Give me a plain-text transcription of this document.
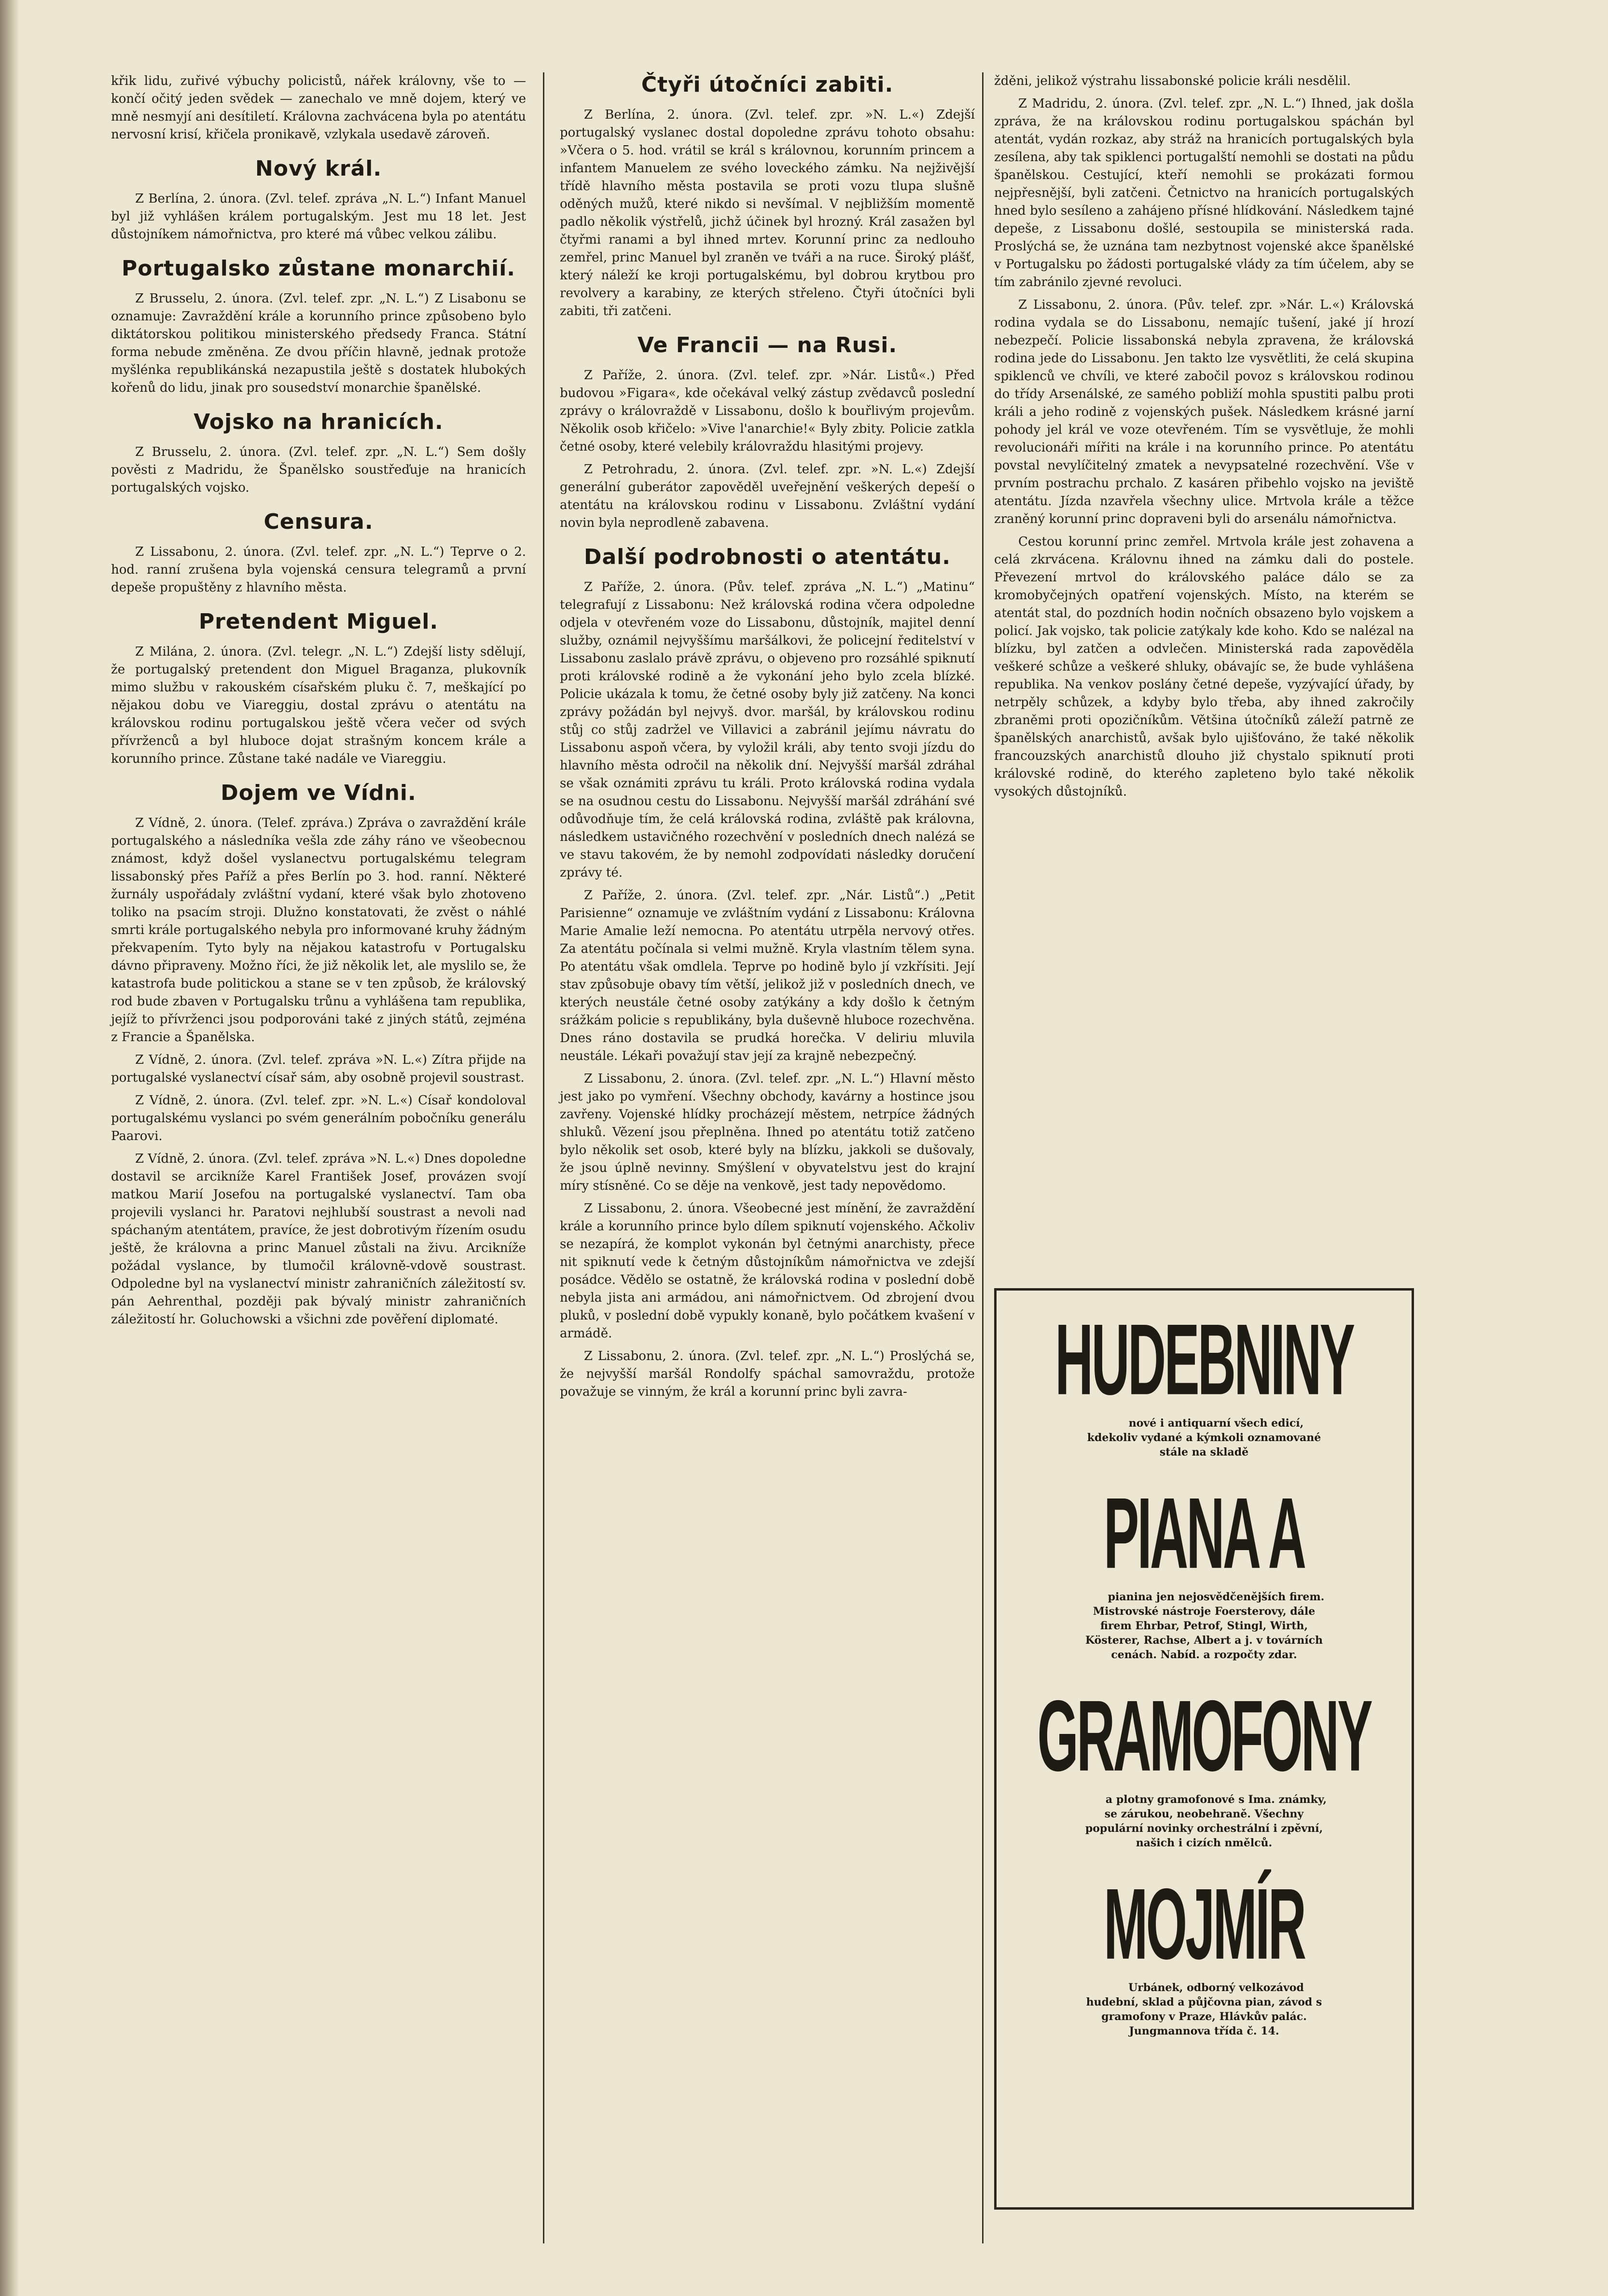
křik lidu, zuřivé výbuchy policistů, nářek královny, vše to — končí očitý jeden svědek — zanechalo ve mně dojem, který ve mně nesmyjí ani desítiletí. Královna zachvácena byla po atentátu nervosní krisí, křičela pronikavě, vzlykala usedavě zároveň.

Nový král.

Z Berlína, 2. února. (Zvl. telef. zpráva „N. L.“) Infant Manuel byl již vyhlášen králem portugalským. Jest mu 18 let. Jest důstojníkem námořnictva, pro které má vůbec velkou zálibu.

Portugalsko zůstane monarchií.

Z Brusselu, 2. února. (Zvl. telef. zpr. „N. L.“) Z Lisabonu se oznamuje: Zavraždění krále a korunního prince způsobeno bylo diktátorskou politikou ministerského předsedy Franca. Státní forma nebude změněna. Ze dvou příčin hlavně, jednak protože myšlénka republikánská nezapustila ještě s dostatek hlubokých kořenů do lidu, jinak pro sousedství monarchie španělské.

Vojsko na hranicích.

Z Brusselu, 2. února. (Zvl. telef. zpr. „N. L.“) Sem došly pověsti z Madridu, že Španělsko soustřeďuje na hranicích portugalských vojsko.

Censura.

Z Lissabonu, 2. února. (Zvl. telef. zpr. „N. L.“) Teprve o 2. hod. ranní zrušena byla vojenská censura telegramů a první depeše propuštěny z hlavního města.

Pretendent Miguel.

Z Milána, 2. února. (Zvl. telegr. „N. L.“) Zdejší listy sdělují, že portugalský pretendent don Miguel Braganza, plukovník mimo službu v rakouském císařském pluku č. 7, meškající po nějakou dobu ve Viareggiu, dostal zprávu o atentátu na královskou rodinu portugalskou ještě včera večer od svých přívrženců a byl hluboce dojat strašným koncem krále a korunního prince. Zůstane také nadále ve Viareggiu.

Dojem ve Vídni.

Z Vídně, 2. února. (Telef. zpráva.) Zpráva o zavraždění krále portugalského a následníka vešla zde záhy ráno ve všeobecnou známost, když došel vyslanectvu portugalskému telegram lissabonský přes Paříž a přes Berlín po 3. hod. ranní. Některé žurnály uspořádaly zvláštní vydaní, které však bylo zhotoveno toliko na psacím stroji. Dlužno konstatovati, že zvěst o náhlé smrti krále portugalského nebyla pro informované kruhy žádným překvapením. Tyto byly na nějakou katastrofu v Portugalsku dávno připraveny. Možno říci, že již několik let, ale myslilo se, že katastrofa bude politickou a stane se v ten způsob, že královský rod bude zbaven v Portugalsku trůnu a vyhlášena tam republika, jejíž to přívrženci jsou podporováni také z jiných států, zejména z Francie a Španělska.

Z Vídně, 2. února. (Zvl. telef. zpráva »N. L.«) Zítra přijde na portugalské vyslanectví císař sám, aby osobně projevil soustrast.

Z Vídně, 2. února. (Zvl. telef. zpr. »N. L.«) Císař kondoloval portugalskému vyslanci po svém generálním pobočníku generálu Paarovi.

Z Vídně, 2. února. (Zvl. telef. zpráva »N. L.«) Dnes dopoledne dostavil se arcikníže Karel František Josef, provázen svojí matkou Marií Josefou na portugalské vyslanectví. Tam oba projevili vyslanci hr. Paratovi nejhlubší soustrast a nevoli nad spáchaným atentátem, pravíce, že jest dobrotivým řízením osudu ještě, že královna a princ Manuel zůstali na živu. Arcikníže požádal vyslance, by tlumočil královně-vdově soustrast. Odpoledne byl na vyslanectví ministr zahraničních záležitostí sv. pán Aehrenthal, později pak bývalý ministr zahraničních záležitostí hr. Goluchowski a všichni zde pověření diplomaté.

Čtyři útočníci zabiti.

Z Berlína, 2. února. (Zvl. telef. zpr. »N. L.«) Zdejší portugalský vyslanec dostal dopoledne zprávu tohoto obsahu: »Včera o 5. hod. vrátil se král s královnou, korunním princem a infantem Manuelem ze svého loveckého zámku. Na nejživější třídě hlavního města postavila se proti vozu tlupa slušně oděných mužů, které nikdo si nevšímal. V nejbližším momentě padlo několik výstřelů, jichž účinek byl hrozný. Král zasažen byl čtyřmi ranami a byl ihned mrtev. Korunní princ za nedlouho zemřel, princ Manuel byl zraněn ve tváři a na ruce. Široký plášť, který náleží ke kroji portugalskému, byl dobrou krytbou pro revolvery a karabiny, ze kterých střeleno. Čtyři útočníci byli zabiti, tři zatčeni.

Ve Francii — na Rusi.

Z Paříže, 2. února. (Zvl. telef. zpr. »Nár. Listů«.) Před budovou »Figara«, kde očekával velký zástup zvědavců poslední zprávy o královraždě v Lissabonu, došlo k bouřlivým projevům. Několik osob křičelo: »Vive l'anarchie!« Byly zbity. Policie zatkla četné osoby, které velebily královraždu hlasitými projevy.

Z Petrohradu, 2. února. (Zvl. telef. zpr. »N. L.«) Zdejší generální guberátor zapověděl uveřejnění veškerých depeší o atentátu na královskou rodinu v Lissabonu. Zvláštní vydání novin byla neprodleně zabavena.

Další podrobnosti o atentátu.

Z Paříže, 2. února. (Pův. telef. zpráva „N. L.“) „Matinu“ telegrafují z Lissabonu: Než královská rodina včera odpoledne odjela v otevřeném voze do Lissabonu, důstojník, majitel denní služby, oznámil nejvyššímu maršálkovi, že policejní ředitelství v Lissabonu zaslalo právě zprávu, o objeveno pro rozsáhlé spiknutí proti královské rodině a že vykonání jeho bylo zcela blízké. Policie ukázala k tomu, že četné osoby byly již zatčeny. Na konci zprávy požádán byl nejvyš. dvor. maršál, by královskou rodinu stůj co stůj zadržel ve Villavici a zabránil jejímu návratu do Lissabonu aspoň včera, by vyložil králi, aby tento svoji jízdu do hlavního města odročil na několik dní. Nejvyšší maršál zdráhal se však oznámiti zprávu tu králi. Proto královská rodina vydala se na osudnou cestu do Lissabonu. Nejvyšší maršál zdráhání své odůvodňuje tím, že celá královská rodina, zvláště pak královna, následkem ustavičného rozechvění v posledních dnech nalézá se ve stavu takovém, že by nemohl zodpovídati následky doručení zprávy té.

Z Paříže, 2. února. (Zvl. telef. zpr. „Nár. Listů“.) „Petit Parisienne“ oznamuje ve zvláštním vydání z Lissabonu: Královna Marie Amalie leží nemocna. Po atentátu utrpěla nervový otřes. Za atentátu počínala si velmi mužně. Kryla vlastním tělem syna. Po atentátu však omdlela. Teprve po hodině bylo jí vzkřísiti. Její stav způsobuje obavy tím větší, jelikož již v posledních dnech, ve kterých neustále četné osoby zatýkány a kdy došlo k četným srážkám policie s republikány, byla duševně hluboce rozechvěna. Dnes ráno dostavila se prudká horečka. V deliriu mluvila neustále. Lékaři považují stav její za krajně nebezpečný.

Z Lissabonu, 2. února. (Zvl. telef. zpr. „N. L.“) Hlavní město jest jako po vymření. Všechny obchody, kavárny a hostince jsou zavřeny. Vojenské hlídky procházejí městem, netrpíce žádných shluků. Vězení jsou přeplněna. Ihned po atentátu totiž zatčeno bylo několik set osob, které byly na blízku, jakkoli se dušovaly, že jsou úplně nevinny. Smýšlení v obyvatelstvu jest do krajní míry stísněné. Co se děje na venkově, jest tady nepovědomo.

Z Lissabonu, 2. února. Všeobecné jest mínění, že zavraždění krále a korunního prince bylo dílem spiknutí vojenského. Ačkoliv se nezapírá, že komplot vykonán byl četnými anarchisty, přece nit spiknutí vede k četným důstojníkům námořnictva ve zdejší posádce. Vědělo se ostatně, že královská rodina v poslední době nebyla jista ani armádou, ani námořnictvem. Od zbrojení dvou pluků, v poslední době vypukly konaně, bylo počátkem kvašení v armádě.

Z Lissabonu, 2. února. (Zvl. telef. zpr. „N. L.“) Proslýchá se, že nejvyšší maršál Rondolfy spáchal samovraždu, protože považuje se vinným, že král a korunní princ byli zavra-

žděni, jelikož výstrahu lissabonské policie králi nesdělil.

Z Madridu, 2. února. (Zvl. telef. zpr. „N. L.“) Ihned, jak došla zpráva, že na královskou rodinu portugalskou spáchán byl atentát, vydán rozkaz, aby stráž na hranicích portugalských byla zesílena, aby tak spiklenci portugalští nemohli se dostati na půdu španělskou. Cestující, kteří nemohli se prokázati formou nejpřesnější, byli zatčeni. Četnictvo na hranicích portugalských hned bylo sesíleno a zahájeno přísné hlídkování. Následkem tajné depeše, z Lissabonu došlé, sestoupila se ministerská rada. Proslýchá se, že uznána tam nezbytnost vojenské akce španělské v Portugalsku po žádosti portugalské vlády za tím účelem, aby se tím zabránilo zjevné revoluci.

Z Lissabonu, 2. února. (Pův. telef. zpr. »Nár. L.«) Královská rodina vydala se do Lissabonu, nemajíc tušení, jaké jí hrozí nebezpečí. Policie lissabonská nebyla zpravena, že královská rodina jede do Lissabonu. Jen takto lze vysvětliti, že celá skupina spiklenců ve chvíli, ve které zabočil povoz s královskou rodinou do třídy Arsenálské, ze samého pobliží mohla spustiti palbu proti králi a jeho rodině z vojenských pušek. Následkem krásné jarní pohody jel král ve voze otevřeném. Tím se vysvětluje, že mohli revolucionáři mířiti na krále i na korunního prince. Po atentátu povstal nevylíčitelný zmatek a nevypsatelné rozechvění. Vše v prvním postrachu prchalo. Z kasáren přibehlo vojsko na jeviště atentátu. Jízda nzavřela všechny ulice. Mrtvola krále a těžce zraněný korunní princ dopraveni byli do arsenálu námořnictva.

Cestou korunní princ zemřel. Mrtvola krále jest zohavena a celá zkrvácena. Královnu ihned na zámku dali do postele. Převezení mrtvol do královského paláce dálo se za kromobyčejných opatření vojenských. Místo, na kterém se atentát stal, do pozdních hodin nočních obsazeno bylo vojskem a policí. Jak vojsko, tak policie zatýkaly kde koho. Kdo se nalézal na blízku, byl zatčen a odvlečen. Ministerská rada zapověděla veškeré schůze a veškeré shluky, obávajíc se, že bude vyhlášena republika. Na venkov poslány četné depeše, vyzývající úřady, by netrpěly schůzek, a kdyby bylo třeba, aby ihned zakročily zbraněmi proti opozičníkům. Většina útočníků záleží patrně ze španělských anarchistů, avšak bylo ujišťováno, že také několik francouzských anarchistů dlouho již chystalo spiknutí proti královské rodině, do kterého zapleteno bylo také několik vysokých důstojníků.

HUDEBNINY

nové i antiquarní všech edicí, kdekoliv vydané a kýmkoli oznamované stále na skladě

PIANA A

pianina jen nejosvědčenějších firem. Mistrovské nástroje Foersterovy, dále firem Ehrbar, Petrof, Stingl, Wirth, Kösterer, Rachse, Albert a j. v továrních cenách. Nabíd. a rozpočty zdar.

GRAMOFONY

a plotny gramofonové s Ima. známky, se zárukou, neobehraně. Všechny populární novinky orchestrální i zpěvní, našich i cizích nmělců.

MOJMÍR

Urbánek, odborný velkozávod hudební, sklad a půjčovna pian, závod s gramofony v Praze, Hlávkův palác. Jungmannova třída č. 14.
